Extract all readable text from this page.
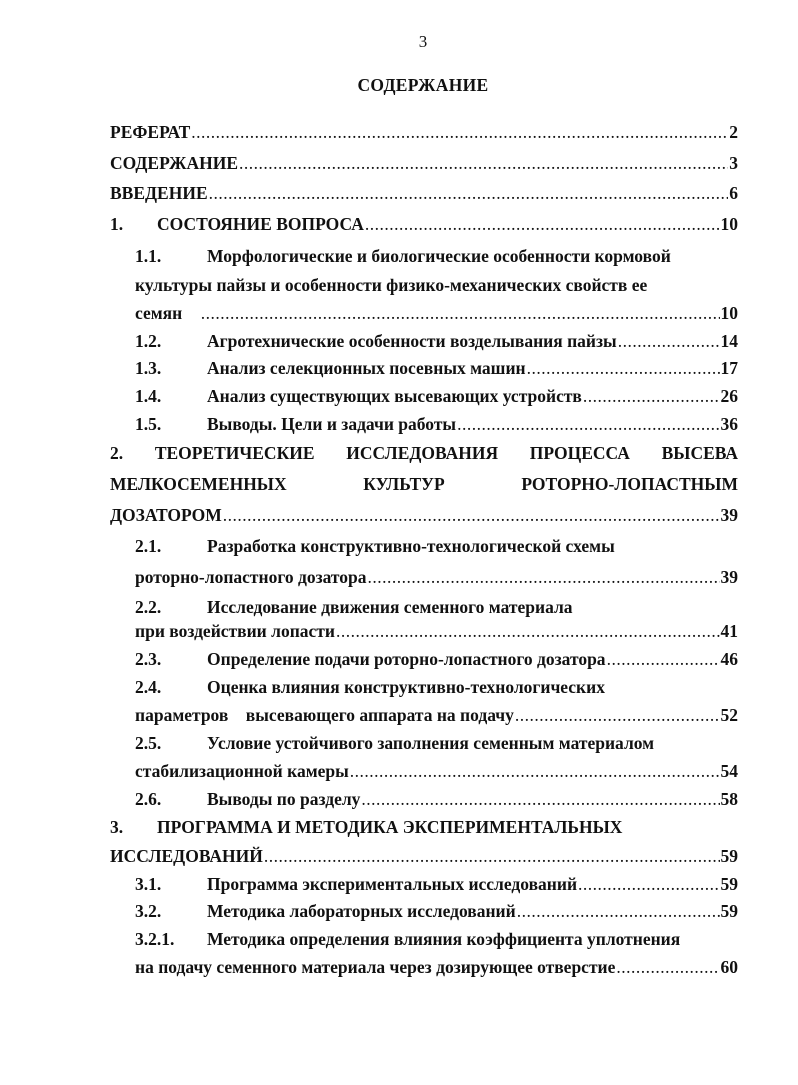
3
СОДЕРЖАНИЕ
РЕФЕРАТ .....	2
СОДЕРЖАНИЕ .....	3
ВВЕДЕНИЕ .....	6
1.	СОСТОЯНИЕ ВОПРОСА .....	10
1.1.	Морфологические и биологические особенности кормовой
культуры пайзы и особенности физико-механических свойств ее
семян .....	10
1.2.	Агротехнические особенности возделывания пайзы .....	14
1.3.	Анализ селекционных посевных машин .....	17
1.4.	Анализ существующих высевающих устройств .....	26
1.5.	Выводы. Цели и задачи работы .....	36
2. ТЕОРЕТИЧЕСКИЕ ИССЛЕДОВАНИЯ ПРОЦЕССА ВЫСЕВА
МЕЛКОСЕМЕННЫХ КУЛЬТУР РОТОРНО-ЛОПАСТНЫМ
ДОЗАТОРОМ .....	39
2.1.	Разработка конструктивно-технологической схемы
роторно-лопастного дозатора .....	39
2.2.	Исследование движения семенного материала
при воздействии лопасти .....	41
2.3.	Определение подачи роторно-лопастного дозатора .....	46
2.4.	Оценка влияния конструктивно-технологических
параметров    высевающего аппарата на подачу .....	52
2.5.	Условие устойчивого заполнения семенным материалом
стабилизационной камеры .....	54
2.6.	Выводы по разделу .....	58
3.	ПРОГРАММА И МЕТОДИКА ЭКСПЕРИМЕНТАЛЬНЫХ
ИССЛЕДОВАНИЙ .....	59
3.1.	Программа экспериментальных исследований .....	59
3.2.	Методика лабораторных исследований .....	59
3.2.1.	Методика определения влияния коэффициента уплотнения
на подачу семенного материала через дозирующее отверстие .....	60
